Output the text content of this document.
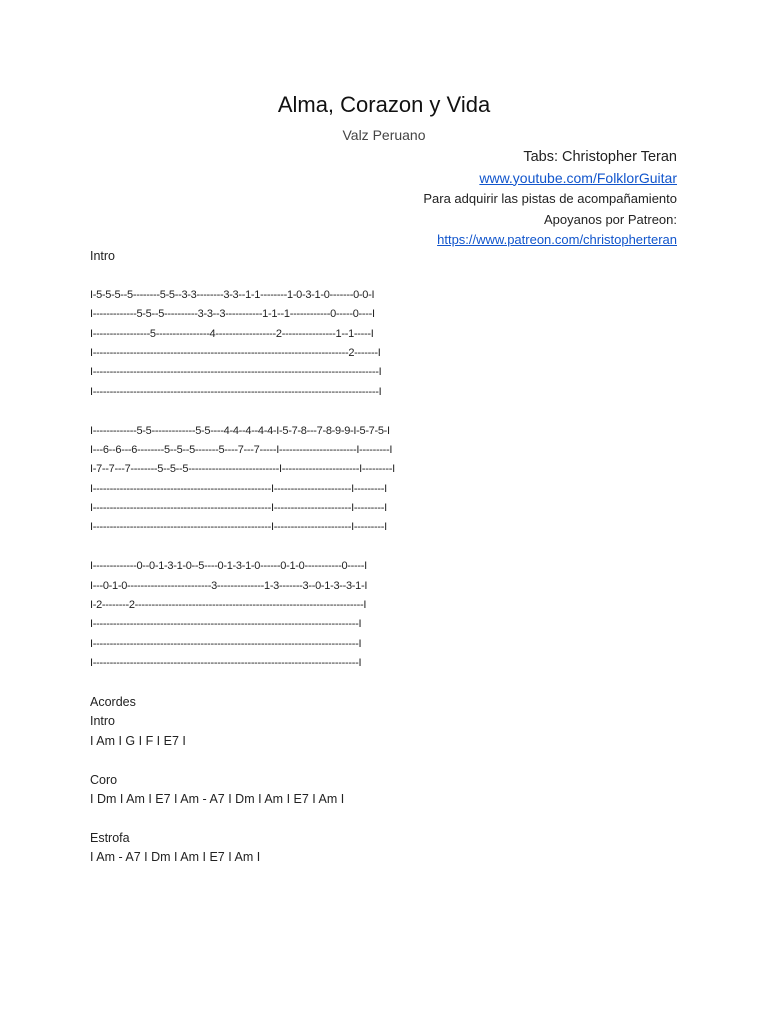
Alma, Corazon y Vida
Valz Peruano
Tabs: Christopher Teran
www.youtube.com/FolklorGuitar
Para adquirir las pistas de acompañamiento
Apoyanos por Patreon:
https://www.patreon.com/christopherteran
Intro
I-5-5-5--5--------5-5--3-3--------3-3--1-1--------1-0-3-1-0-------0-0-I
I-------------5-5--5----------3-3--3-----------1-1--1------------0-----0----I
I-----------------5----------------4------------------2----------------1--1-----I
I----------------------------------------------------------------------------2-------I
I-------------------------------------------------------------------------------------I
I-------------------------------------------------------------------------------------I
I-------------5-5-------------5-5----4-4--4--4-4-I-5-7-8---7-8-9-9-I-5-7-5-I
I---6--6---6--------5--5--5-------5----7---7-----I-----------------------I---------I
I-7--7---7--------5--5--5---------------------------I-----------------------I---------I
I-----------------------------------------------------I-----------------------I---------I
I-----------------------------------------------------I-----------------------I---------I
I-----------------------------------------------------I-----------------------I---------I
I-------------0--0-1-3-1-0--5----0-1-3-1-0------0-1-0-----------0-----I
I---0-1-0-------------------------3--------------1-3-------3--0-1-3--3-1-I
I-2--------2--------------------------------------------------------------------I
I-------------------------------------------------------------------------------I
I-------------------------------------------------------------------------------I
I-------------------------------------------------------------------------------I
Acordes
Intro
I Am I G I F I E7 I
Coro
I Dm I Am I E7 I Am - A7 I Dm I Am I E7 I Am I
Estrofa
I Am - A7 I Dm I Am I E7 I Am I
